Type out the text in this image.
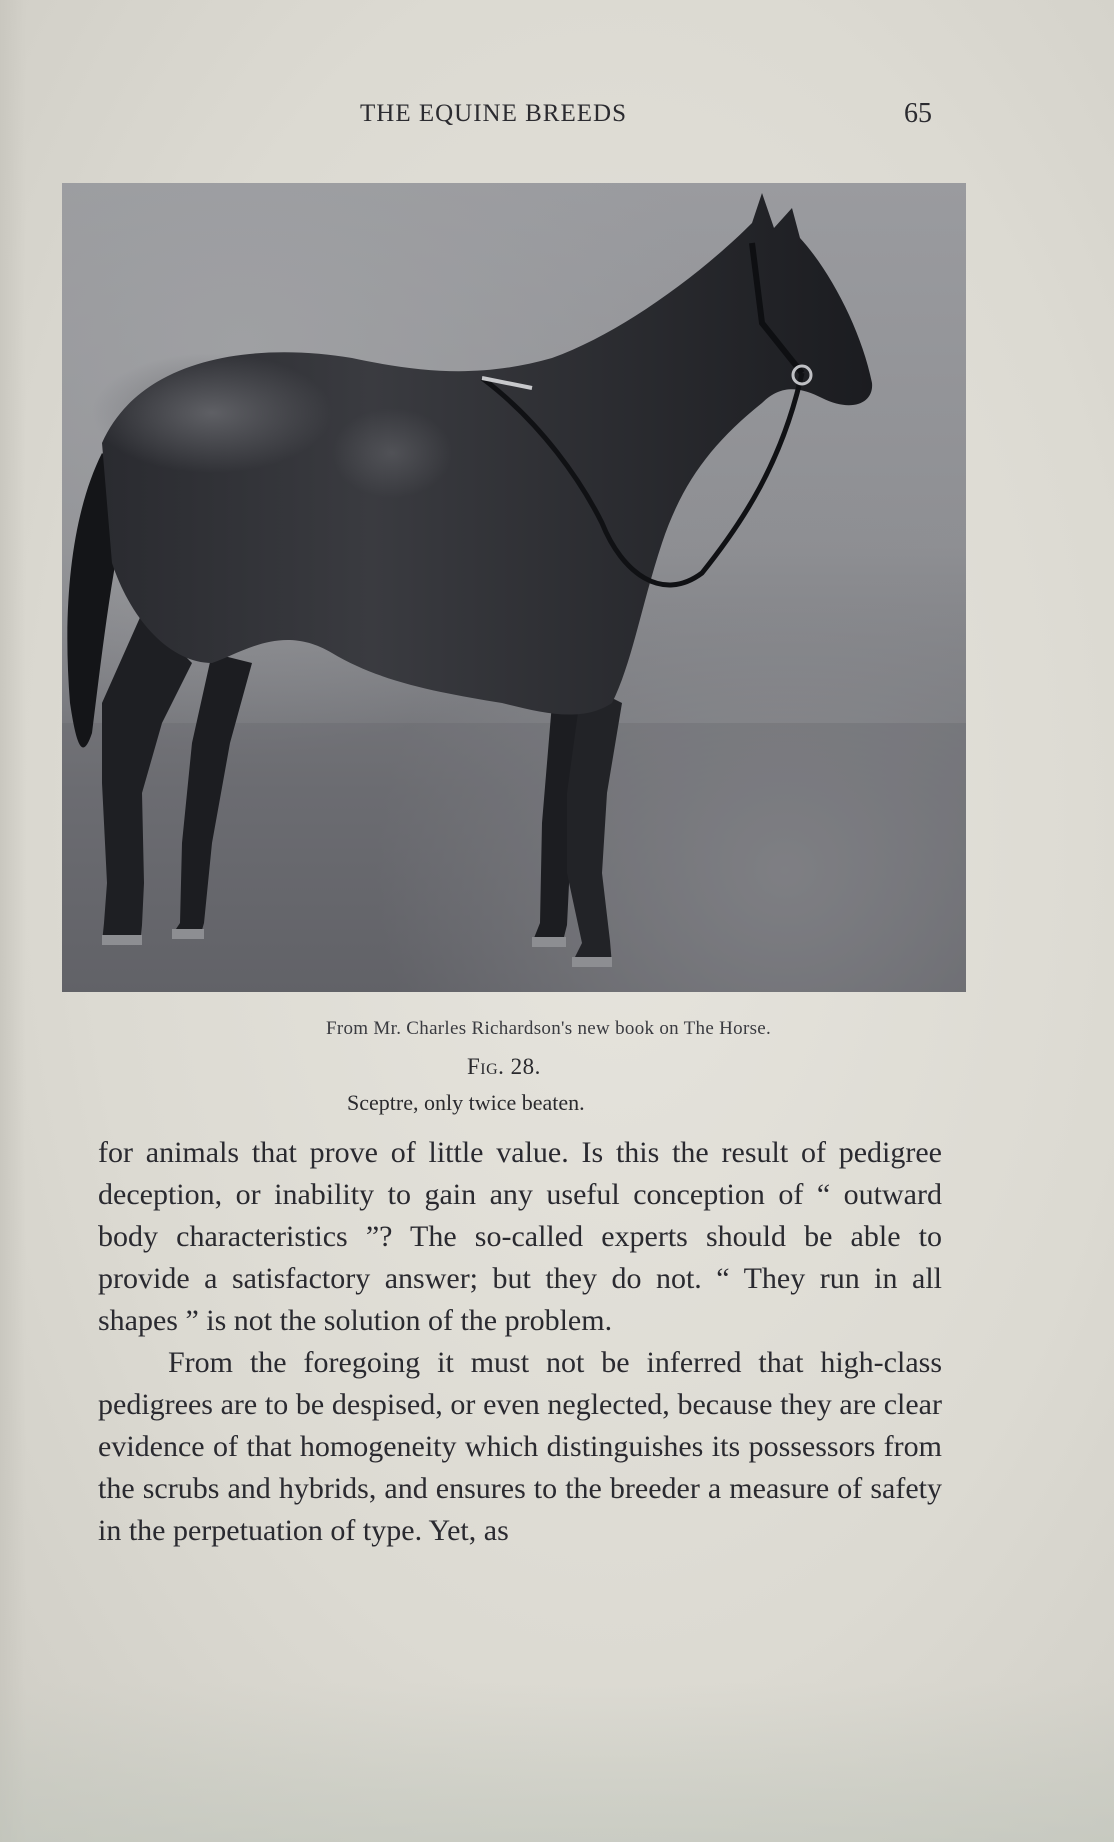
THE EQUINE BREEDS	65
From Mr. Charles Richardson's new book on The Horse.
Fig. 28.
Sceptre, only twice beaten.

for animals that prove of little value. Is this the result of pedigree deception, or inability to gain any useful conception of “ outward body characteristics ”? The so-called experts should be able to provide a satisfactory answer; but they do not. “ They run in all shapes ” is not the solution of the problem.

From the foregoing it must not be inferred that high-class pedigrees are to be despised, or even neglected, because they are clear evidence of that homogeneity which distinguishes its possessors from the scrubs and hybrids, and ensures to the breeder a measure of safety in the perpetuation of type. Yet, as
